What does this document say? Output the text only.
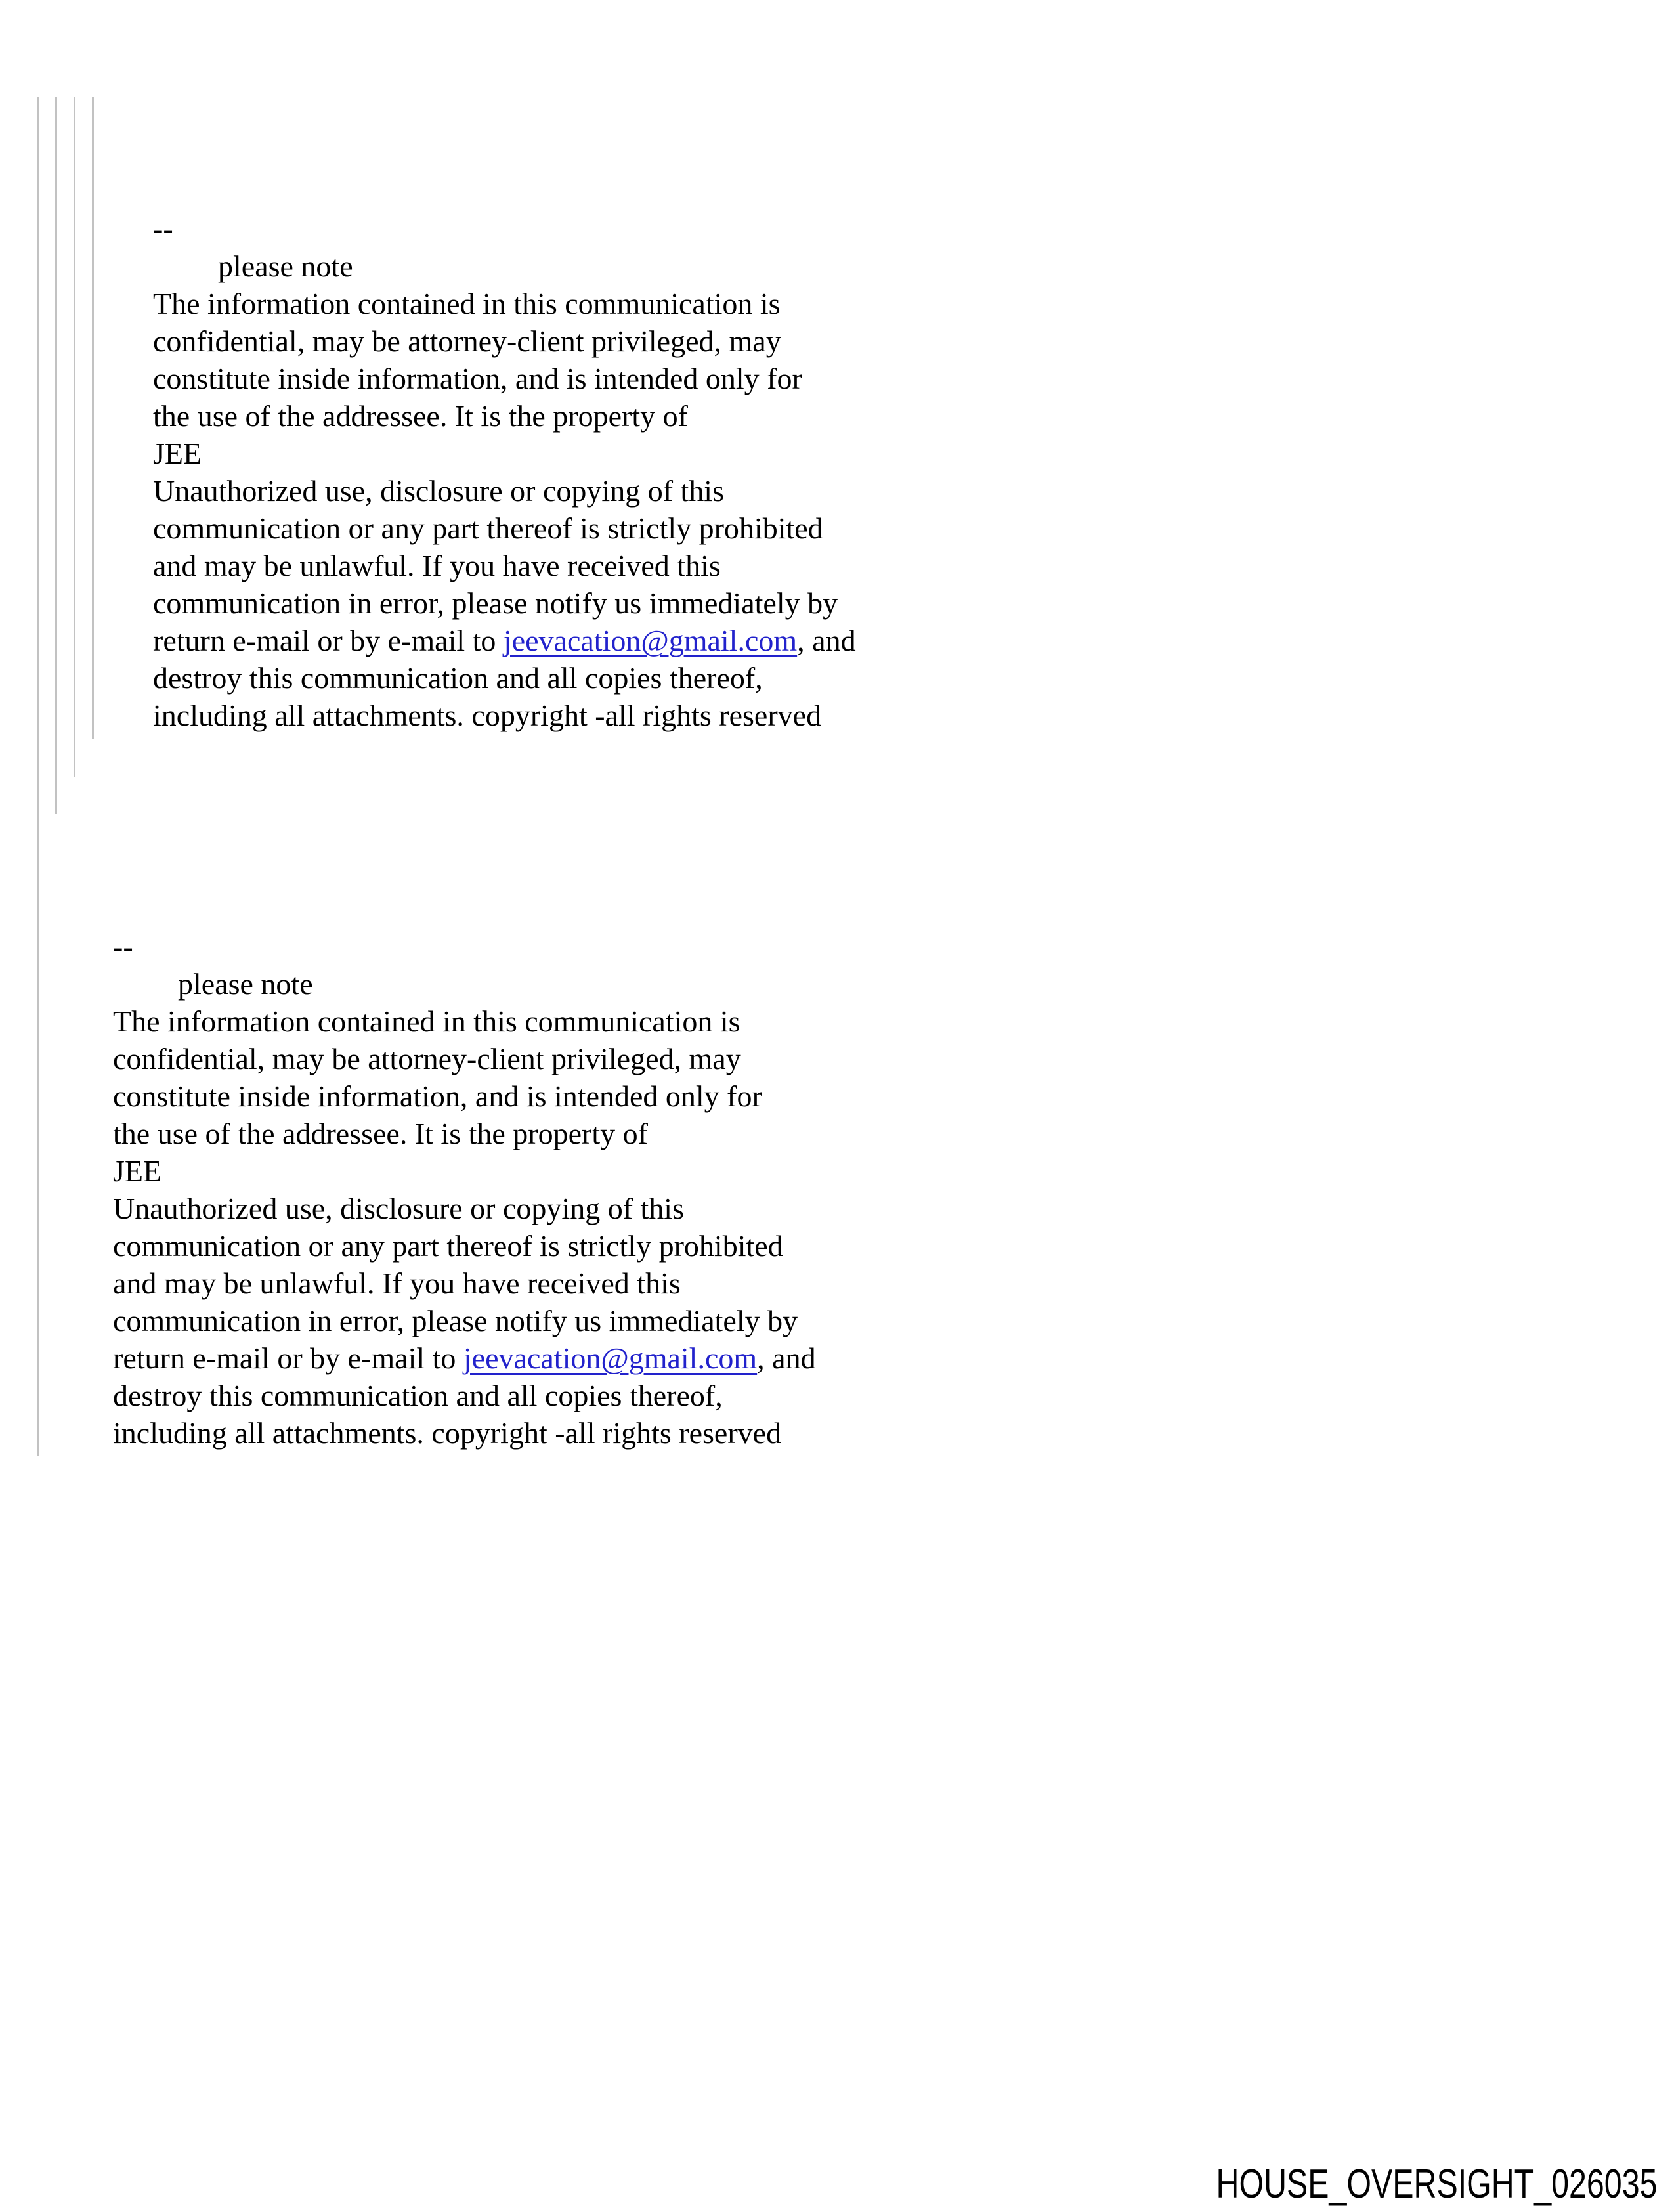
--
please note
The information contained in this communication is
confidential, may be attorney-client privileged, may
constitute inside information, and is intended only for
the use of the addressee. It is the property of
JEE
Unauthorized use, disclosure or copying of this
communication or any part thereof is strictly prohibited
and may be unlawful. If you have received this
communication in error, please notify us immediately by
return e-mail or by e-mail to jeevacation@gmail.com, and
destroy this communication and all copies thereof,
including all attachments. copyright -all rights reserved
--
please note
The information contained in this communication is
confidential, may be attorney-client privileged, may
constitute inside information, and is intended only for
the use of the addressee. It is the property of
JEE
Unauthorized use, disclosure or copying of this
communication or any part thereof is strictly prohibited
and may be unlawful. If you have received this
communication in error, please notify us immediately by
return e-mail or by e-mail to jeevacation@gmail.com, and
destroy this communication and all copies thereof,
including all attachments. copyright -all rights reserved
HOUSE_OVERSIGHT_026035
